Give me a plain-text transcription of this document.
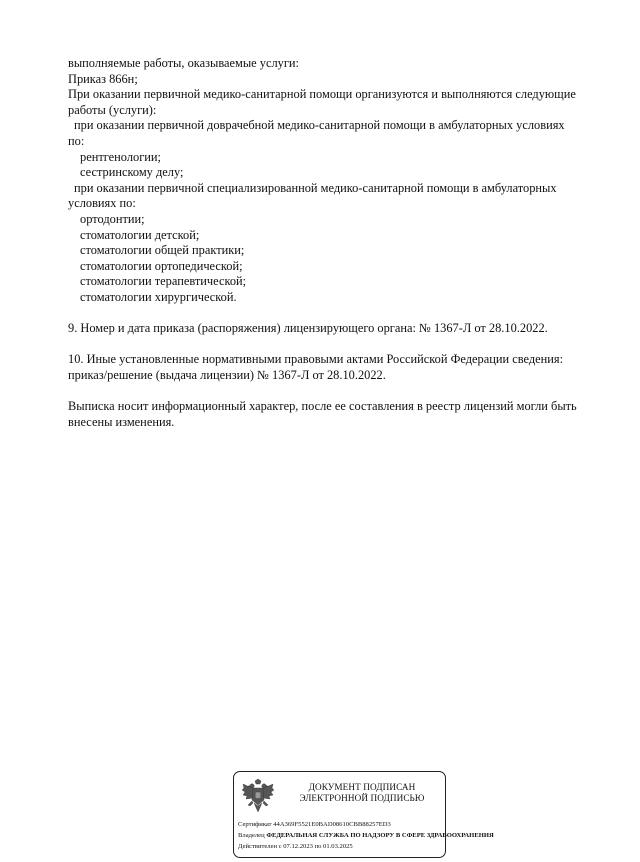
выполняемые работы, оказываемые услуги:
Приказ 866н;
При оказании первичной медико-санитарной помощи организуются и выполняются следующие
работы (услуги):
при оказании первичной доврачебной медико-санитарной помощи в амбулаторных условиях
по:
рентгенологии;
сестринскому делу;
при оказании первичной специализированной медико-санитарной помощи в амбулаторных
условиях по:
ортодонтии;
стоматологии детской;
стоматологии общей практики;
стоматологии ортопедической;
стоматологии терапевтической;
стоматологии хирургической.
9. Номер и дата приказа (распоряжения) лицензирующего органа: № 1367-Л от 28.10.2022.
10. Иные установленные нормативными правовыми актами Российской Федерации сведения:
приказ/решение (выдача лицензии) № 1367-Л от 28.10.2022.
Выписка носит информационный характер, после ее составления в реестр лицензий могли быть
внесены изменения.
ДОКУМЕНТ ПОДПИСАН
ЭЛЕКТРОННОЙ ПОДПИСЬЮ
Сертификат 44A369F5521E0BAD08610CBB88257ED3
Владелец ФЕДЕРАЛЬНАЯ СЛУЖБА ПО НАДЗОРУ В СФЕРЕ ЗДРАВООХРАНЕНИЯ
Действителен с 07.12.2023 по 01.03.2025
